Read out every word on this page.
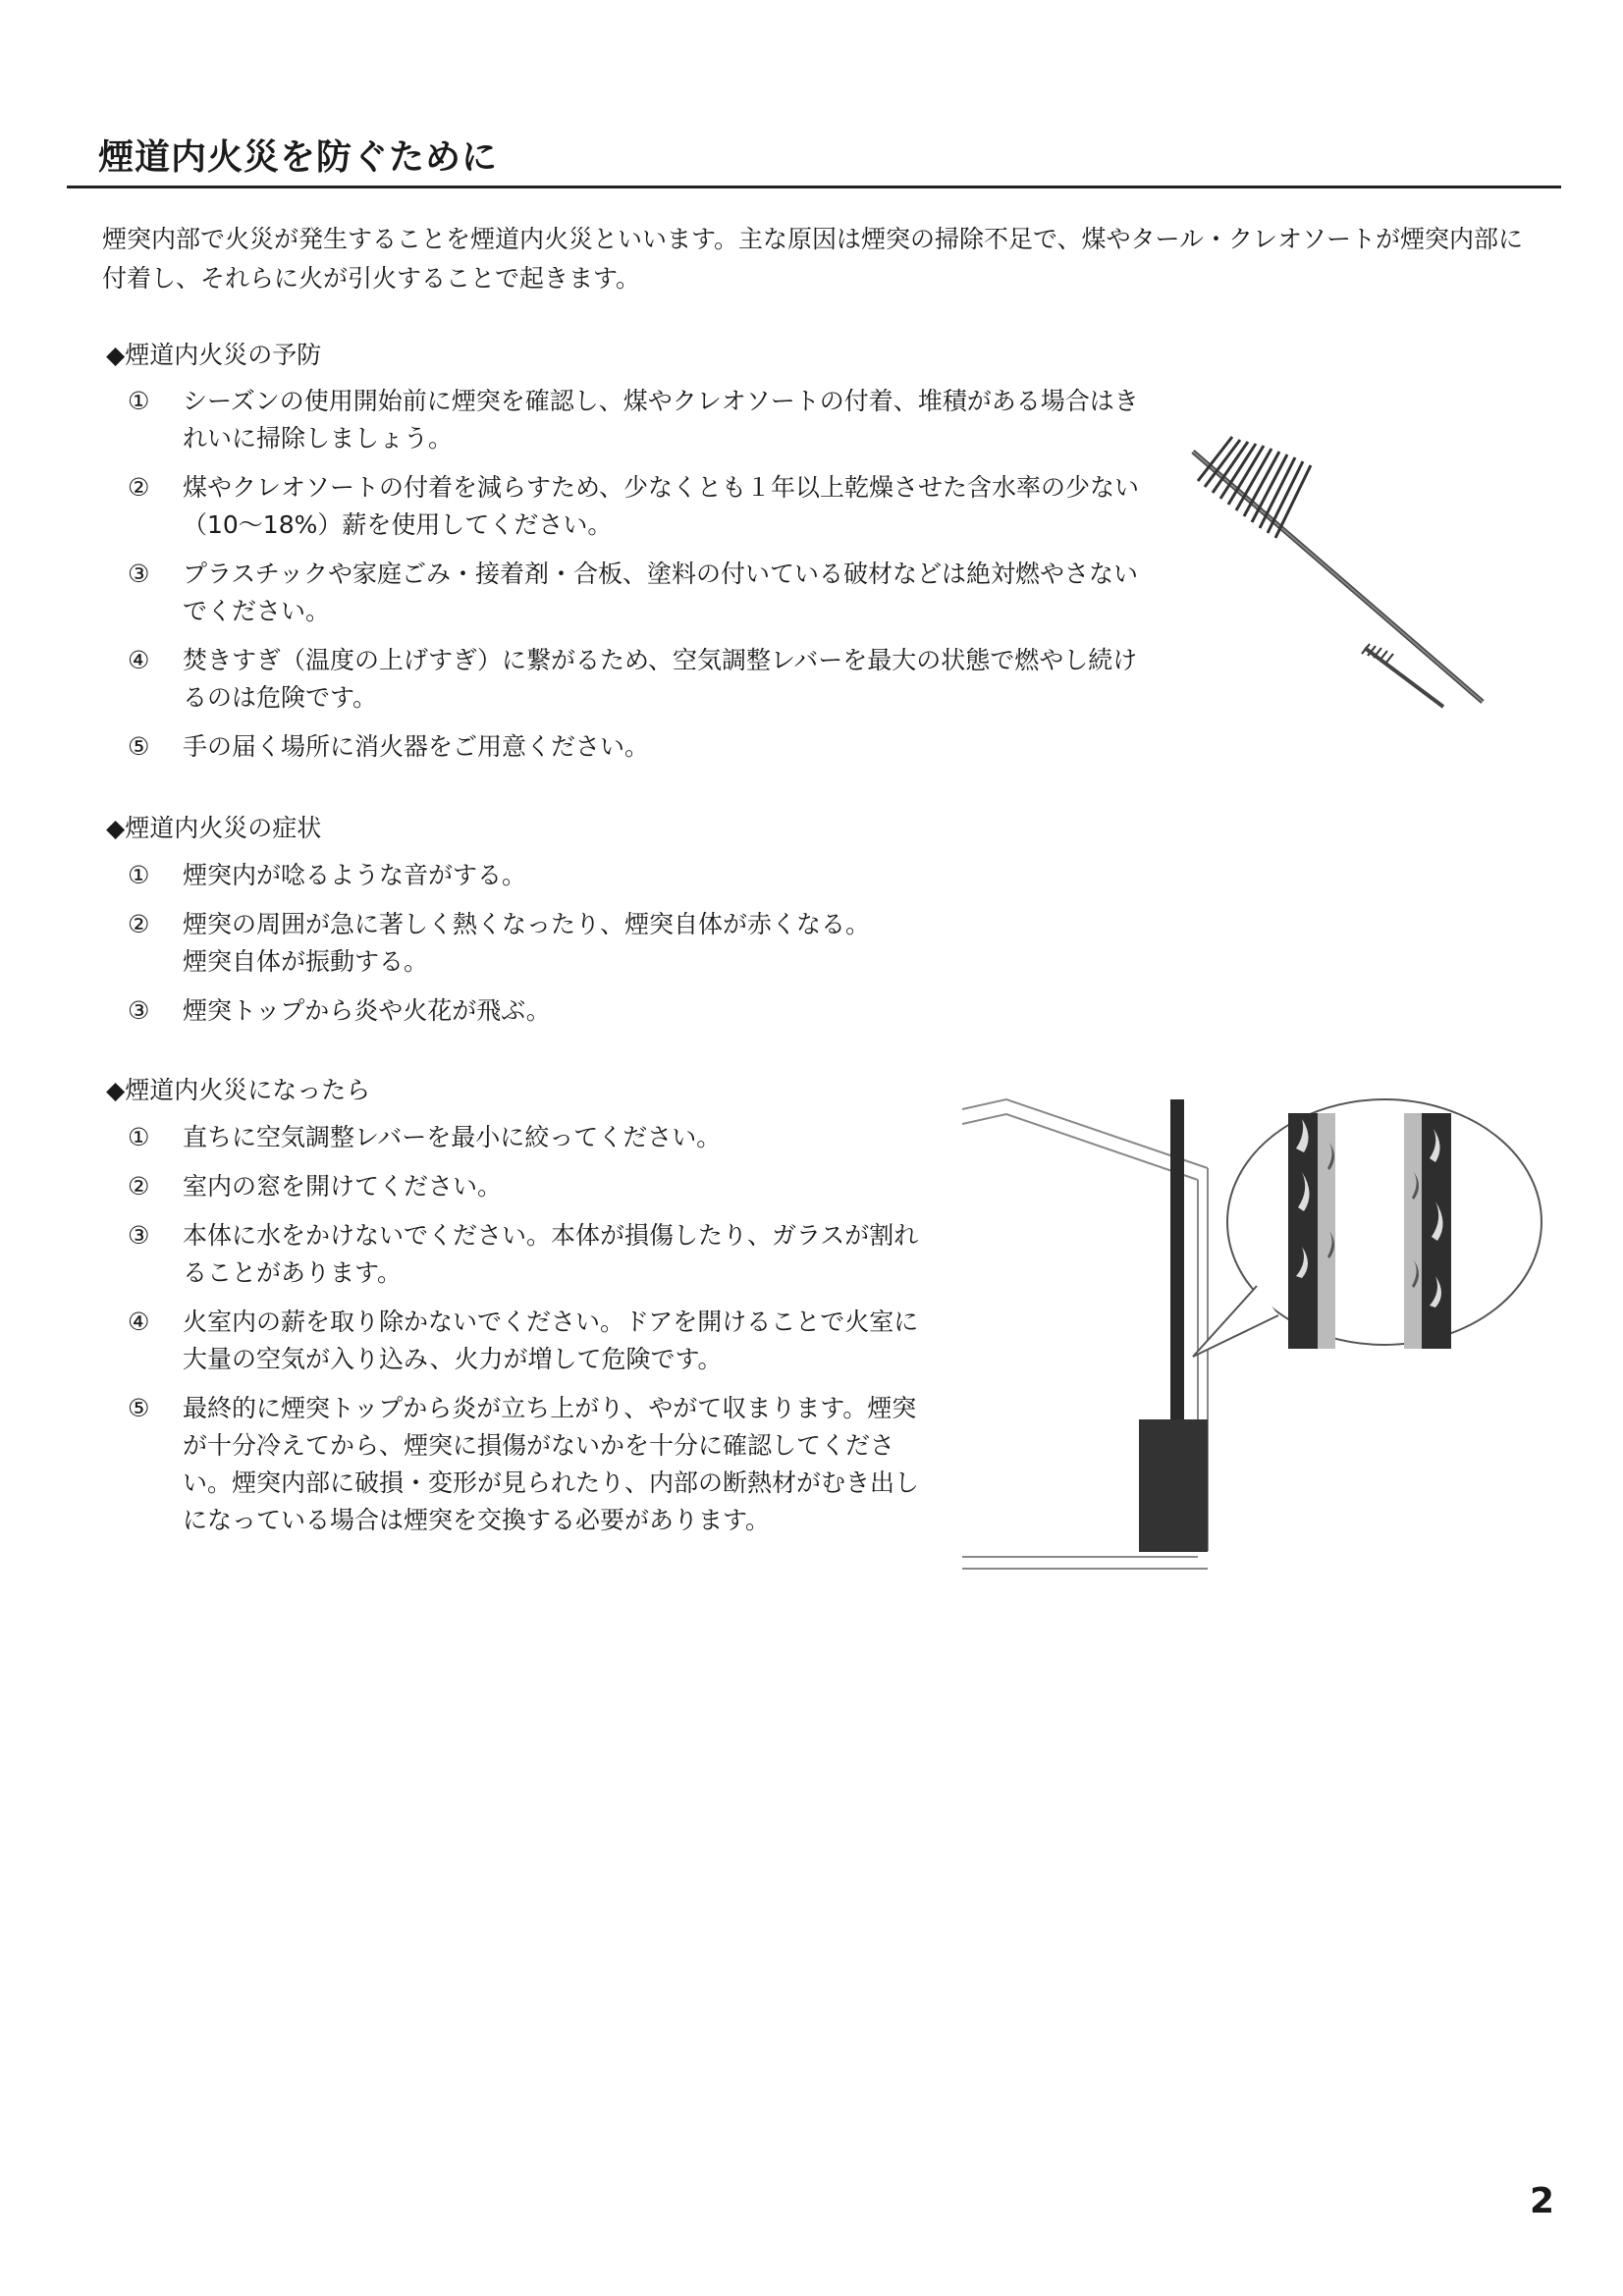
煙道内火災を防ぐために

煙突内部で火災が発生することを煙道内火災といいます。主な原因は煙突の掃除不足で、煤やタール・クレオソートが煙突内部に付着し、それらに火が引火することで起きます。

◆煙道内火災の予防

①	シーズンの使用開始前に煙突を確認し、煤やクレオソートの付着、堆積がある場合はきれいに掃除しましょう。
②	煤やクレオソートの付着を減らすため、少なくとも１年以上乾燥させた含水率の少ない（10～18%）薪を使用してください。
③	プラスチックや家庭ごみ・接着剤・合板、塗料の付いている破材などは絶対燃やさないでください。
④	焚きすぎ（温度の上げすぎ）に繋がるため、空気調整レバーを最大の状態で燃やし続けるのは危険です。
⑤	手の届く場所に消火器をご用意ください。

◆煙道内火災の症状

①	煙突内が唸るような音がする。
②	煙突の周囲が急に著しく熱くなったり、煙突自体が赤くなる。
煙突自体が振動する。
③	煙突トップから炎や火花が飛ぶ。

◆煙道内火災になったら

①	直ちに空気調整レバーを最小に絞ってください。
②	室内の窓を開けてください。
③	本体に水をかけないでください。本体が損傷したり、ガラスが割れることがあります。
④	火室内の薪を取り除かないでください。ドアを開けることで火室に大量の空気が入り込み、火力が増して危険です。
⑤	最終的に煙突トップから炎が立ち上がり、やがて収まります。煙突が十分冷えてから、煙突に損傷がないかを十分に確認してください。煙突内部に破損・変形が見られたり、内部の断熱材がむき出しになっている場合は煙突を交換する必要があります。

2
